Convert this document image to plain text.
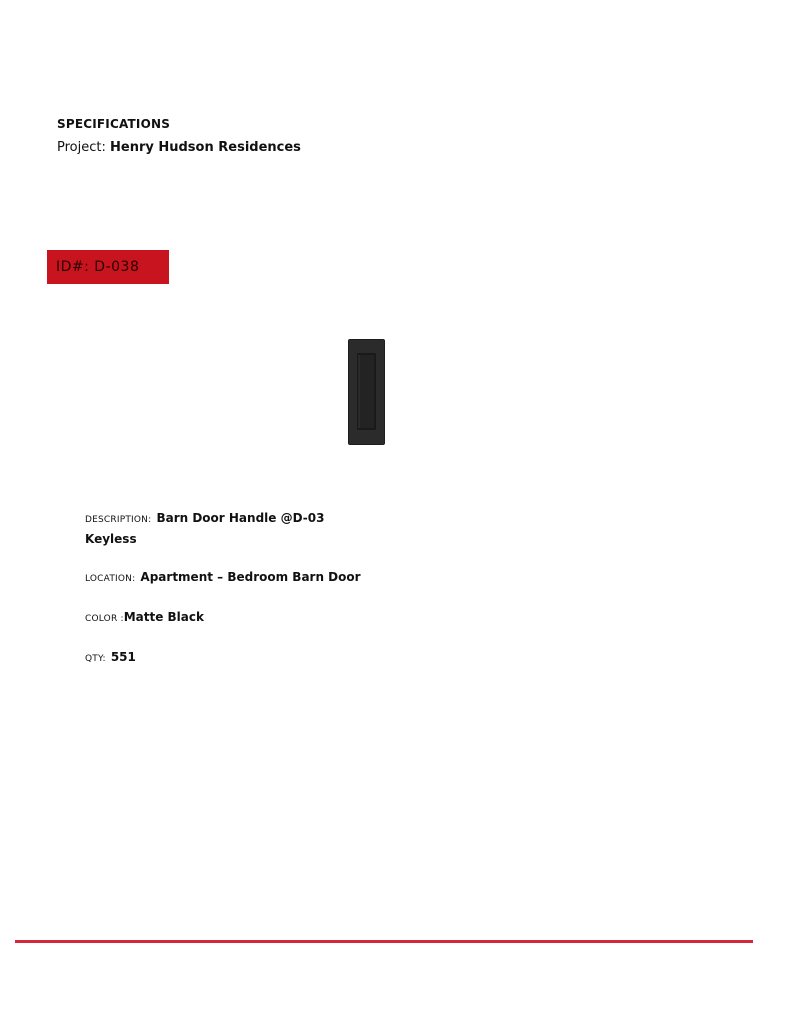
SPECIFICATIONS
Project: Henry Hudson Residences
ID#: D-038
DESCRIPTION: Barn Door Handle @D-03
Keyless
LOCATION: Apartment – Bedroom Barn Door
COLOR :Matte Black
QTY: 551
